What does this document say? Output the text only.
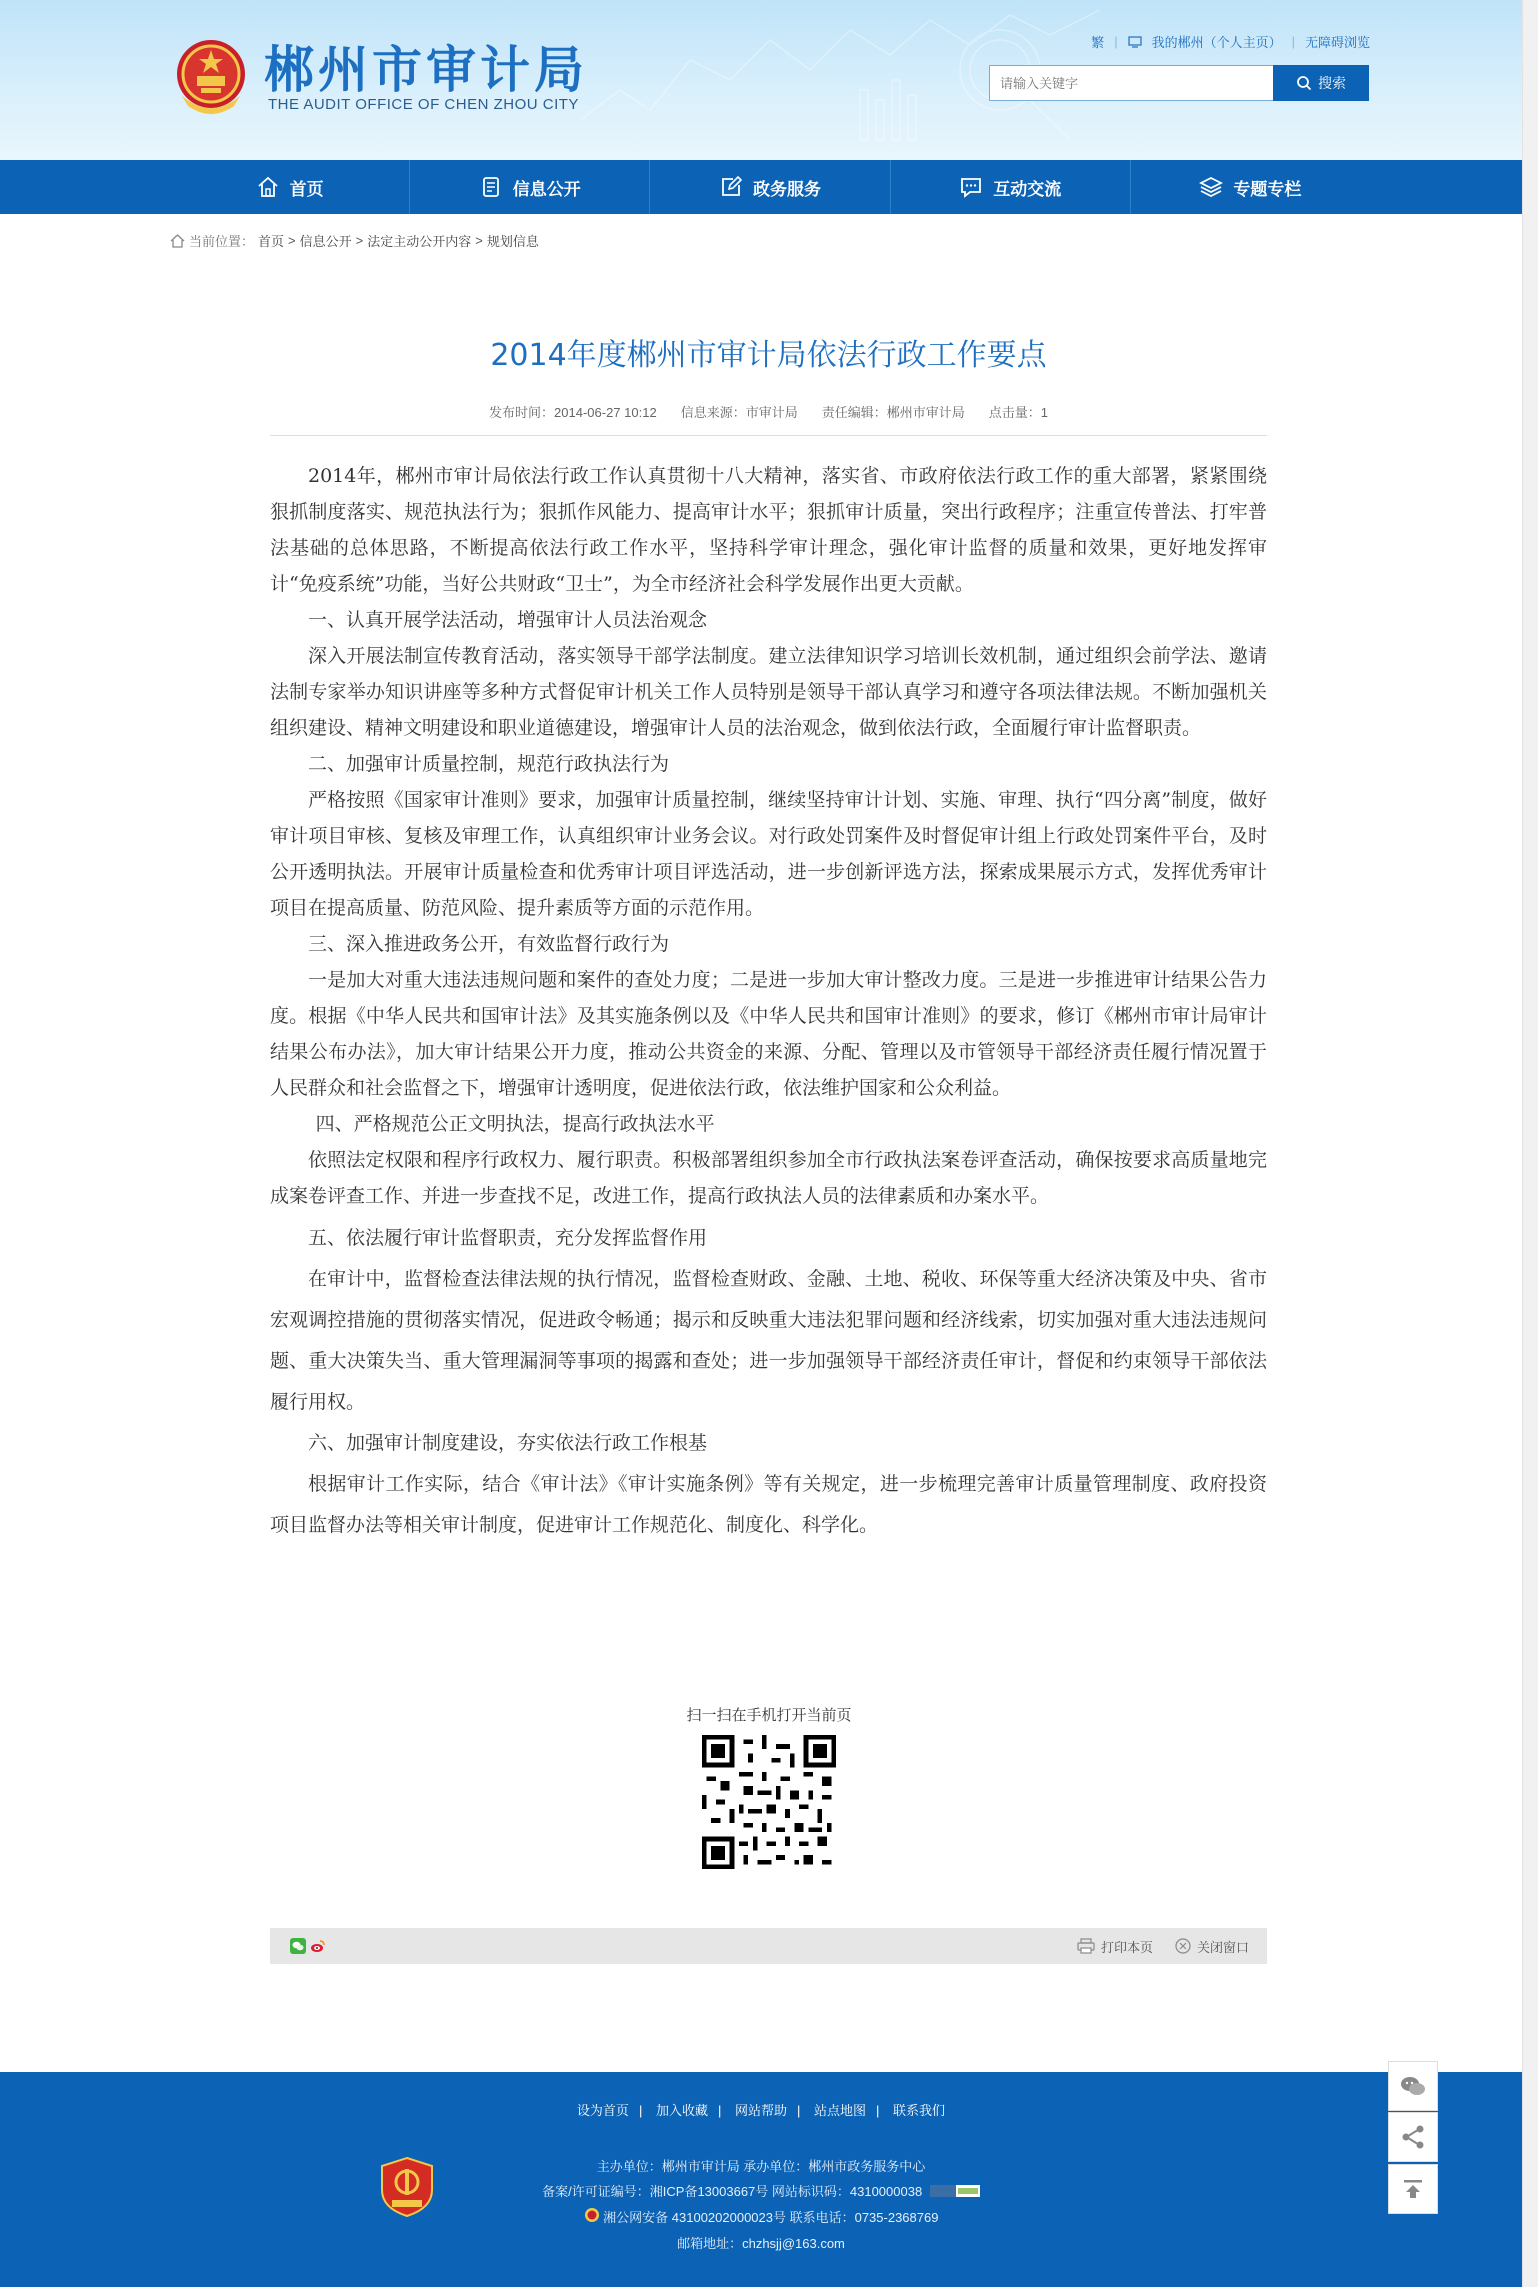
郴州市审计局
THE AUDIT OFFICE OF CHEN ZHOU CITY
繁 |	我的郴州（个人主页） | 无障碍浏览
请输入关键字
搜索
首页	信息公开	政务服务	互动交流	专题专栏
当前位置： 首页 > 信息公开 > 法定主动公开内容 > 规划信息
2014年度郴州市审计局依法行政工作要点
发布时间：2014-06-27 10:12 信息来源：市审计局 责任编辑：郴州市审计局 点击量：1

2014年，郴州市审计局依法行政工作认真贯彻十八大精神，落实省、市政府依法行政工作的重大部署，紧紧围绕狠抓制度落实、规范执法行为；狠抓作风能力、提高审计水平；狠抓审计质量，突出行政程序；注重宣传普法、打牢普法基础的总体思路，不断提高依法行政工作水平，坚持科学审计理念，强化审计监督的质量和效果，更好地发挥审计“免疫系统”功能，当好公共财政“卫士”，为全市经济社会科学发展作出更大贡献。

一、认真开展学法活动，增强审计人员法治观念

深入开展法制宣传教育活动，落实领导干部学法制度。建立法律知识学习培训长效机制，通过组织会前学法、邀请法制专家举办知识讲座等多种方式督促审计机关工作人员特别是领导干部认真学习和遵守各项法律法规。不断加强机关组织建设、精神文明建设和职业道德建设，增强审计人员的法治观念，做到依法行政，全面履行审计监督职责。

二、加强审计质量控制，规范行政执法行为

严格按照《国家审计准则》要求，加强审计质量控制，继续坚持审计计划、实施、审理、执行“四分离”制度，做好审计项目审核、复核及审理工作，认真组织审计业务会议。对行政处罚案件及时督促审计组上行政处罚案件平台，及时公开透明执法。开展审计质量检查和优秀审计项目评选活动，进一步创新评选方法，探索成果展示方式，发挥优秀审计项目在提高质量、防范风险、提升素质等方面的示范作用。

三、深入推进政务公开，有效监督行政行为

一是加大对重大违法违规问题和案件的查处力度；二是进一步加大审计整改力度。三是进一步推进审计结果公告力度。根据《中华人民共和国审计法》及其实施条例以及《中华人民共和国审计准则》的要求，修订《郴州市审计局审计结果公布办法》，加大审计结果公开力度，推动公共资金的来源、分配、管理以及市管领导干部经济责任履行情况置于人民群众和社会监督之下，增强审计透明度，促进依法行政，依法维护国家和公众利益。

四、严格规范公正文明执法，提高行政执法水平

依照法定权限和程序行政权力、履行职责。积极部署组织参加全市行政执法案卷评查活动，确保按要求高质量地完成案卷评查工作、并进一步查找不足，改进工作，提高行政执法人员的法律素质和办案水平。

五、依法履行审计监督职责，充分发挥监督作用

在审计中，监督检查法律法规的执行情况，监督检查财政、金融、土地、税收、环保等重大经济决策及中央、省市宏观调控措施的贯彻落实情况，促进政令畅通；揭示和反映重大违法犯罪问题和经济线索，切实加强对重大违法违规问题、重大决策失当、重大管理漏洞等事项的揭露和查处；进一步加强领导干部经济责任审计，督促和约束领导干部依法履行用权。

六、加强审计制度建设，夯实依法行政工作根基

根据审计工作实际，结合《审计法》《审计实施条例》等有关规定，进一步梳理完善审计质量管理制度、政府投资项目监督办法等相关审计制度，促进审计工作规范化、制度化、科学化。

扫一扫在手机打开当前页
打印本页	关闭窗口
设为首页 | 加入收藏 | 网站帮助 | 站点地图 | 联系我们
主办单位：郴州市审计局 承办单位：郴州市政务服务中心
备案/许可证编号：湘ICP备13003667号 网站标识码：4310000038
湘公网安备 43100202000023号 联系电话：0735-2368769
邮箱地址：chzhsjj@163.com
